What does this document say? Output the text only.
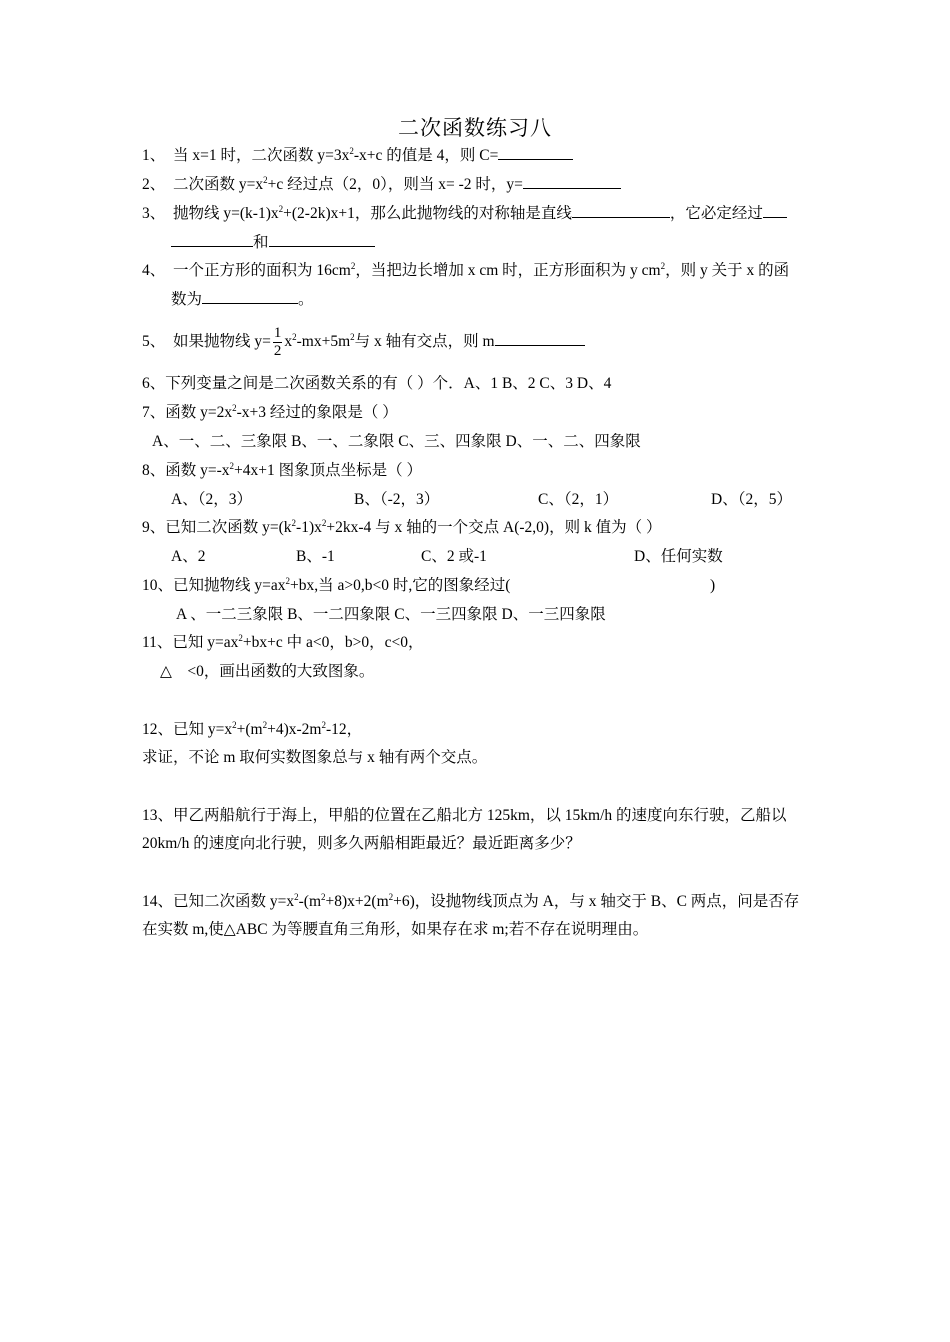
二次函数练习八
1、 当 x=1 时，二次函数 $y=3x^2-x+c$ 的值是 4，则 C=
2、 二次函数 $y=x^2+c$ 经过点（2，0），则当 x= -2 时，y=
3、 抛物线 $y=(k-1)x^2+(2-2k)x+1$，那么此抛物线的对称轴是直线	，它必定经过
和
4、 一个正方形的面积为 $16cm^2$，当把边长增加 x cm 时，正方形面积为 y $cm^2$，则 y 关于 x 的函
数为	。
5、 如果抛物线 $y= \frac{1}{2} x^2-mx+5m^2$与 x 轴有交点，则 m
6、下列变量之间是二次函数关系的有（ ）个．A、1 B、2 C、3 D、4
7、函数 $y=2x^2-x+3$ 经过的象限是（ ）
A、一、二、三象限 B、一、二象限 C、三、四象限 D、一、二、四象限
8、函数 $y=-x^2+4x+1$ 图象顶点坐标是（ ）
A、（2，3）	B、（-2，3）	C、（2，1）	D、（2，5）
9、已知二次函数 $y=(k^2-1)x^2+2kx-4$ 与 x 轴的一个交点 A(-2,0)，则 k 值为（ ）
A、2	B、-1	C、2 或-1	D、任何实数
10、已知抛物线 $y=ax^2+bx$,当 a>0,b<0 时,它的图象经过(	)
A 、一二三象限 B、一二四象限 C、一三四象限 D、一三四象限
11、已知 $y=ax^2+bx+c$ 中 a<0，b>0，c<0，
△ <0，画出函数的大致图象。
12、已知 $y=x^2+(m^2+4)x-2m^2-12$，
求证，不论 m 取何实数图象总与 x 轴有两个交点。
13、甲乙两船航行于海上，甲船的位置在乙船北方 125km，以 15km/h 的速度向东行驶，乙船以
20km/h 的速度向北行驶，则多久两船相距最近？最近距离多少？
14、已知二次函数 $y=x^2-(m^2+8)x+2(m^2+6)$，设抛物线顶点为 A，与 x 轴交于 B、C 两点，问是否存
在实数 m,使△ABC 为等腰直角三角形，如果存在求 m;若不存在说明理由。
